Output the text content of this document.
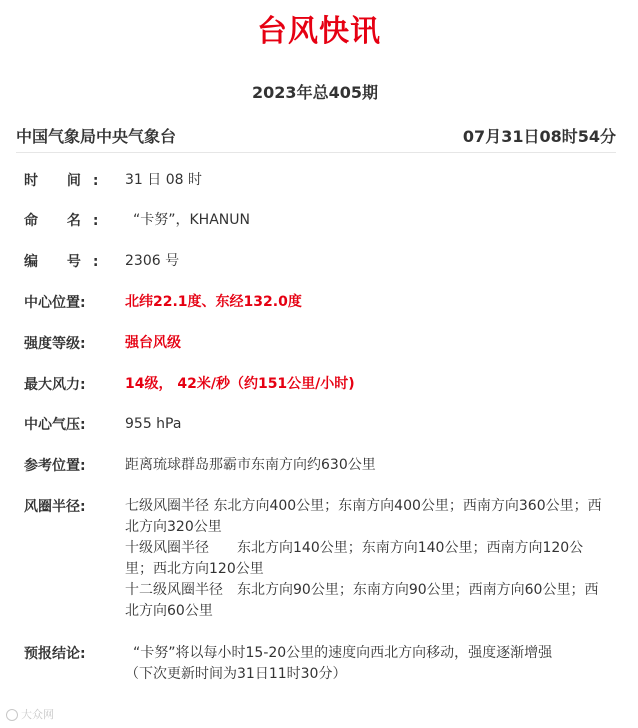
台风快讯
2023年总405期
中国气象局中央气象台	07月31日08时54分
时 间:	31 日 08 时
命 名:	“卡努”，KHANUN
编 号:	2306 号
中心位置:	北纬22.1度、东经132.0度
强度等级:	强台风级
最大风力:	14级， 42米/秒（约151公里/小时)
中心气压:	955 hPa
参考位置:	距离琉球群岛那霸市东南方向约630公里
风圈半径:	七级风圈半径 东北方向400公里；东南方向400公里；西南方向360公里；西北方向320公里
十级风圈半径　　东北方向140公里；东南方向140公里；西南方向120公里；西北方向120公里
十二级风圈半径　东北方向90公里；东南方向90公里；西南方向60公里；西北方向60公里
预报结论:	“卡努”将以每小时15-20公里的速度向西北方向移动，强度逐渐增强
（下次更新时间为31日11时30分）
大众网
